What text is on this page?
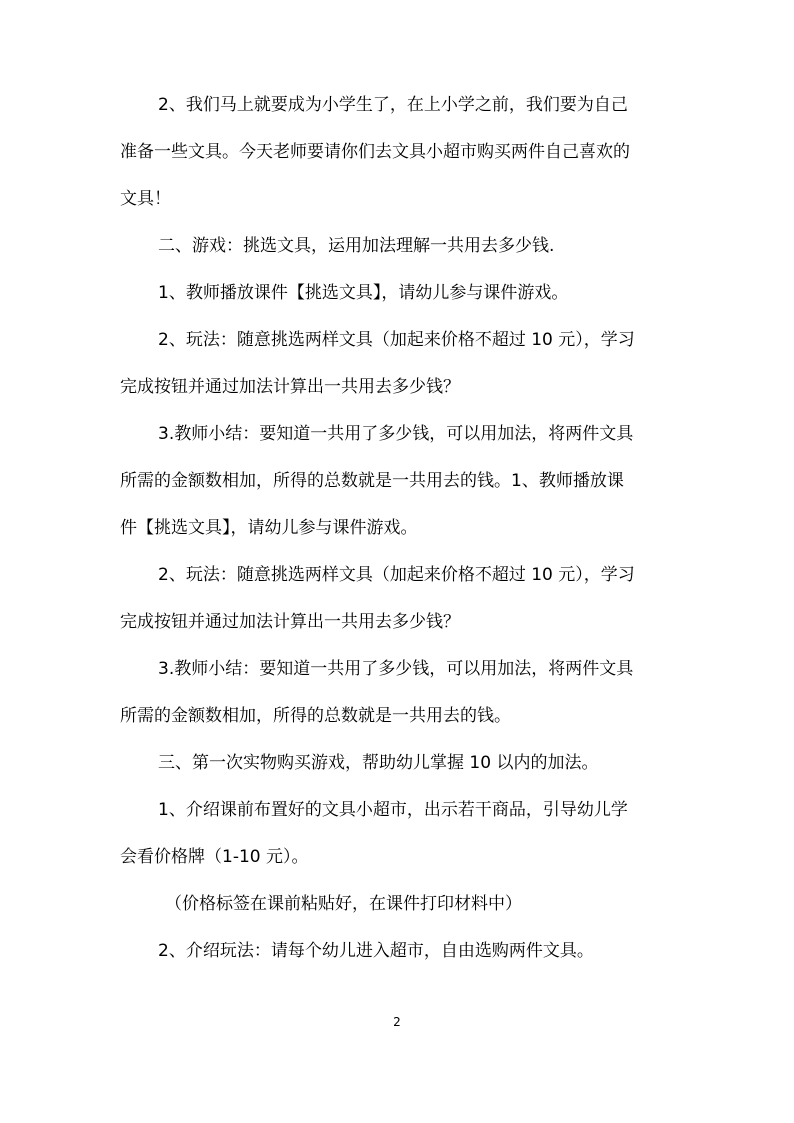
2、我们马上就要成为小学生了，在上小学之前，我们要为自己
准备一些文具。今天老师要请你们去文具小超市购买两件自己喜欢的
文具！
二、游戏：挑选文具，运用加法理解一共用去多少钱.
1、教师播放课件【挑选文具】，请幼儿参与课件游戏。
2、玩法：随意挑选两样文具（加起来价格不超过 10 元），学习
完成按钮并通过加法计算出一共用去多少钱？
3.教师小结：要知道一共用了多少钱，可以用加法，将两件文具
所需的金额数相加，所得的总数就是一共用去的钱。1、教师播放课
件【挑选文具】，请幼儿参与课件游戏。
2、玩法：随意挑选两样文具（加起来价格不超过 10 元），学习
完成按钮并通过加法计算出一共用去多少钱？
3.教师小结：要知道一共用了多少钱，可以用加法，将两件文具
所需的金额数相加，所得的总数就是一共用去的钱。
三、第一次实物购买游戏，帮助幼儿掌握 10 以内的加法。
1、介绍课前布置好的文具小超市，出示若干商品，引导幼儿学
会看价格牌（1-10 元）。
（价格标签在课前粘贴好，在课件打印材料中）
2、介绍玩法：请每个幼儿进入超市，自由选购两件文具。
2
